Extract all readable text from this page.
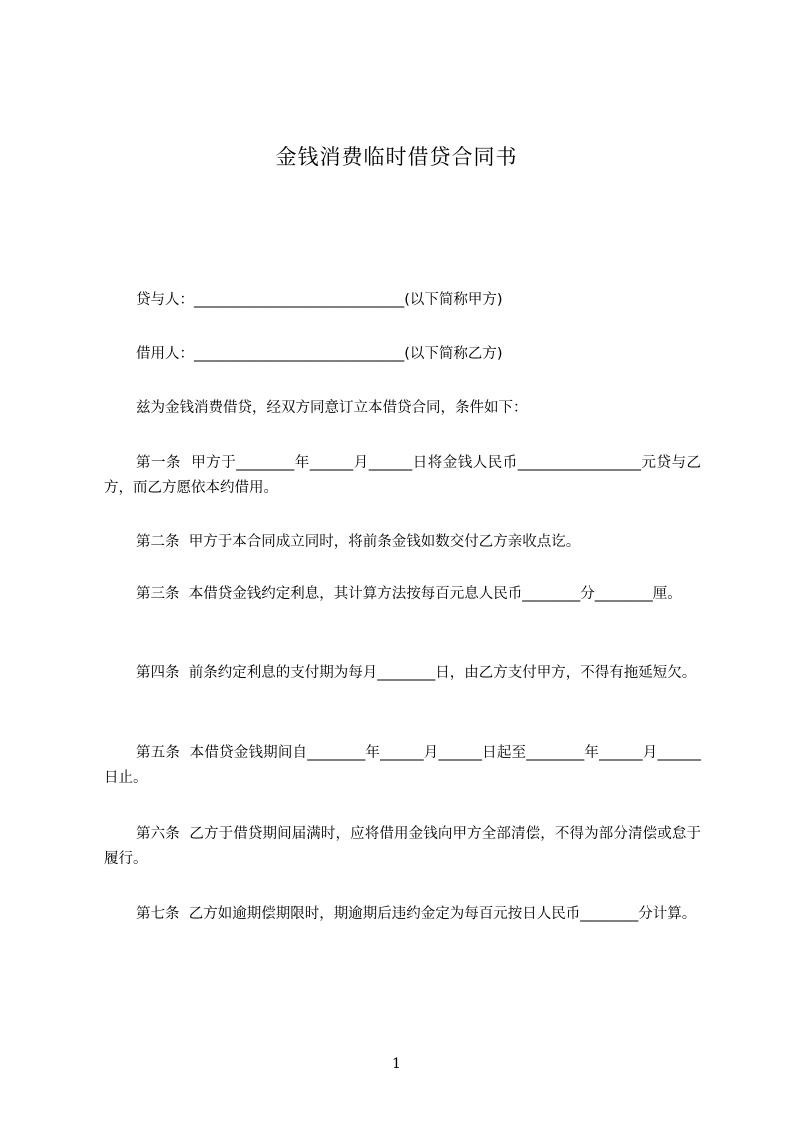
金钱消费临时借贷合同书

贷与人：_____________________________(以下简称甲方)

借用人：_____________________________(以下简称乙方)

兹为金钱消费借贷，经双方同意订立本借贷合同，条件如下：

第一条  甲方于________年______月______日将金钱人民币_________________元贷与乙方，而乙方愿依本约借用。

第二条  甲方于本合同成立同时，将前条金钱如数交付乙方亲收点讫。

第三条  本借贷金钱约定利息，其计算方法按每百元息人民币________分________厘。

第四条  前条约定利息的支付期为每月________日，由乙方支付甲方，不得有拖延短欠。

第五条  本借贷金钱期间自________年______月______日起至________年______月______日止。

第六条  乙方于借贷期间届满时，应将借用金钱向甲方全部清偿，不得为部分清偿或怠于履行。

第七条  乙方如逾期偿期限时，期逾期后违约金定为每百元按日人民币________分计算。

1
